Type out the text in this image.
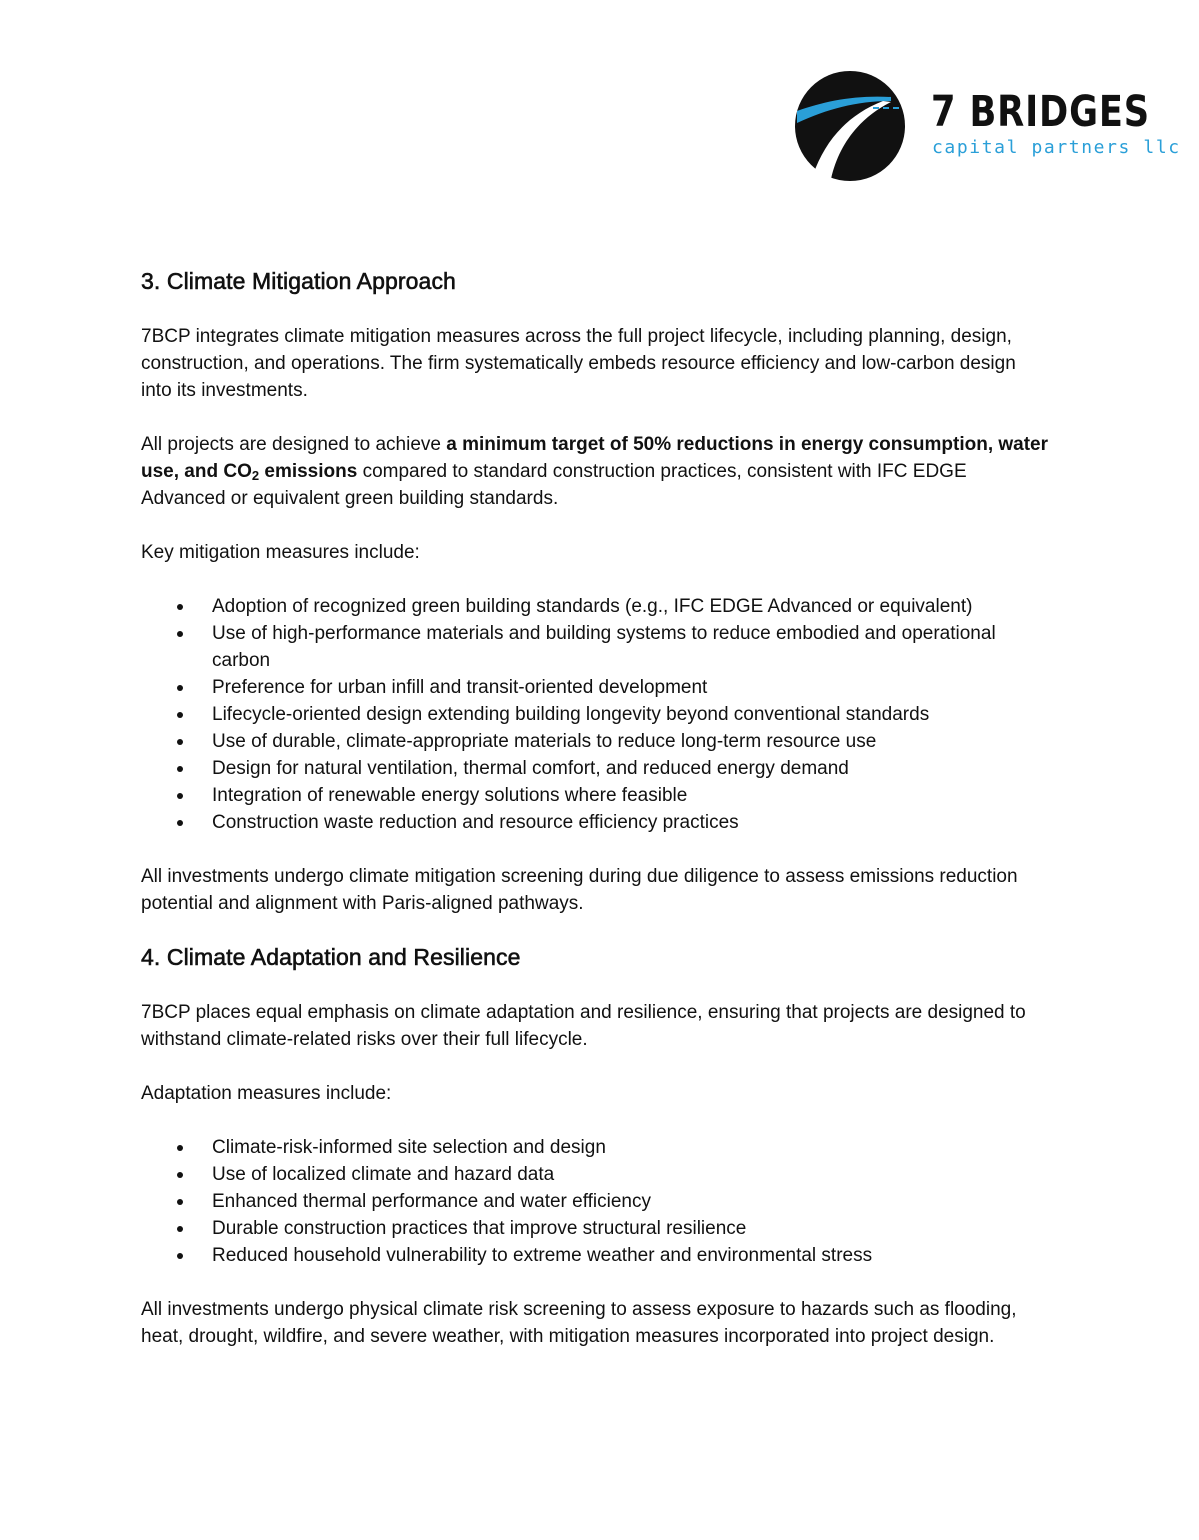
7 BRIDGES
capital partners llc
3. Climate Mitigation Approach

7BCP integrates climate mitigation measures across the full project lifecycle, including planning, design, construction, and operations. The firm systematically embeds resource efficiency and low-carbon design into its investments.

All projects are designed to achieve a minimum target of 50% reductions in energy consumption, water use, and $CO_2$ emissions compared to standard construction practices, consistent with IFC EDGE Advanced or equivalent green building standards.

Key mitigation measures include:

Adoption of recognized green building standards (e.g., IFC EDGE Advanced or equivalent)
Use of high-performance materials and building systems to reduce embodied and operational carbon
Preference for urban infill and transit-oriented development
Lifecycle-oriented design extending building longevity beyond conventional standards
Use of durable, climate-appropriate materials to reduce long-term resource use
Design for natural ventilation, thermal comfort, and reduced energy demand
Integration of renewable energy solutions where feasible
Construction waste reduction and resource efficiency practices

All investments undergo climate mitigation screening during due diligence to assess emissions reduction potential and alignment with Paris-aligned pathways.

4. Climate Adaptation and Resilience

7BCP places equal emphasis on climate adaptation and resilience, ensuring that projects are designed to withstand climate-related risks over their full lifecycle.

Adaptation measures include:

Climate-risk-informed site selection and design
Use of localized climate and hazard data
Enhanced thermal performance and water efficiency
Durable construction practices that improve structural resilience
Reduced household vulnerability to extreme weather and environmental stress

All investments undergo physical climate risk screening to assess exposure to hazards such as flooding, heat, drought, wildfire, and severe weather, with mitigation measures incorporated into project design.
